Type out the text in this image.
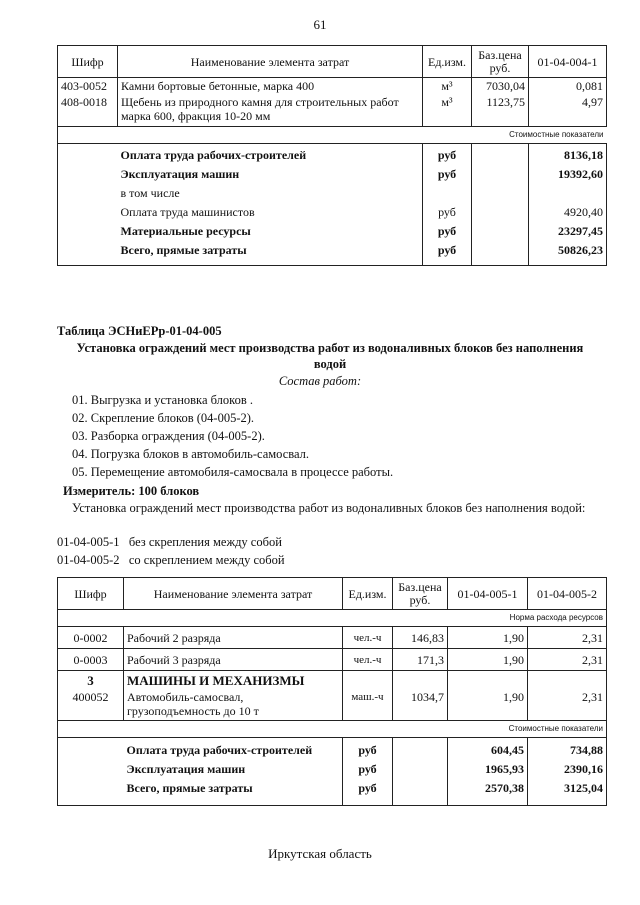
61
Шифр	Наименование элемента затрат	Ед.изм.	Баз.цена руб.	01-04-004-1
403-0052	Камни бортовые бетонные, марка 400	м³	7030,04	0,081
408-0018	Щебень из природного камня для строительных работ марка 600, фракция 10-20 мм	м³	1123,75	4,97
			Стоимостные показатели	
	Оплата труда рабочих-строителей	руб		8136,18
	Эксплуатация машин	руб		19392,60
	в том числе			
	Оплата труда машинистов	руб		4920,40
	Материальные ресурсы	руб		23297,45
	Всего, прямые затраты	руб		50826,23
Таблица ЭСНиЕРр-01-04-005
Установка ограждений мест производства работ из водоналивных блоков без наполнения водой
Состав работ:
01. Выгрузка и установка блоков .
02. Скрепление блоков (04-005-2).
03. Разборка ограждения (04-005-2).
04. Погрузка блоков в автомобиль-самосвал.
05. Перемещение автомобиля-самосвала в процессе работы.
Измеритель: 100 блоков
Установка ограждений мест производства работ из водоналивных блоков без наполнения водой:
01-04-005-1 без скрепления между собой
01-04-005-2 со скреплением между собой
Шифр	Наименование элемента затрат	Ед.изм.	Баз.цена руб.	01-04-005-1	01-04-005-2
			Норма расхода ресурсов		
0-0002	Рабочий 2 разряда	чел.-ч	146,83	1,90	2,31
0-0003	Рабочий 3 разряда	чел.-ч	171,3	1,90	2,31
3	МАШИНЫ И МЕХАНИЗМЫ				
400052	Автомобиль-самосвал, грузоподъемность до 10 т	маш.-ч	1034,7	1,90	2,31
				Стоимостные показатели	
	Оплата труда рабочих-строителей	руб		604,45	734,88
	Эксплуатация машин	руб		1965,93	2390,16
	Всего, прямые затраты	руб		2570,38	3125,04
Иркутская область
